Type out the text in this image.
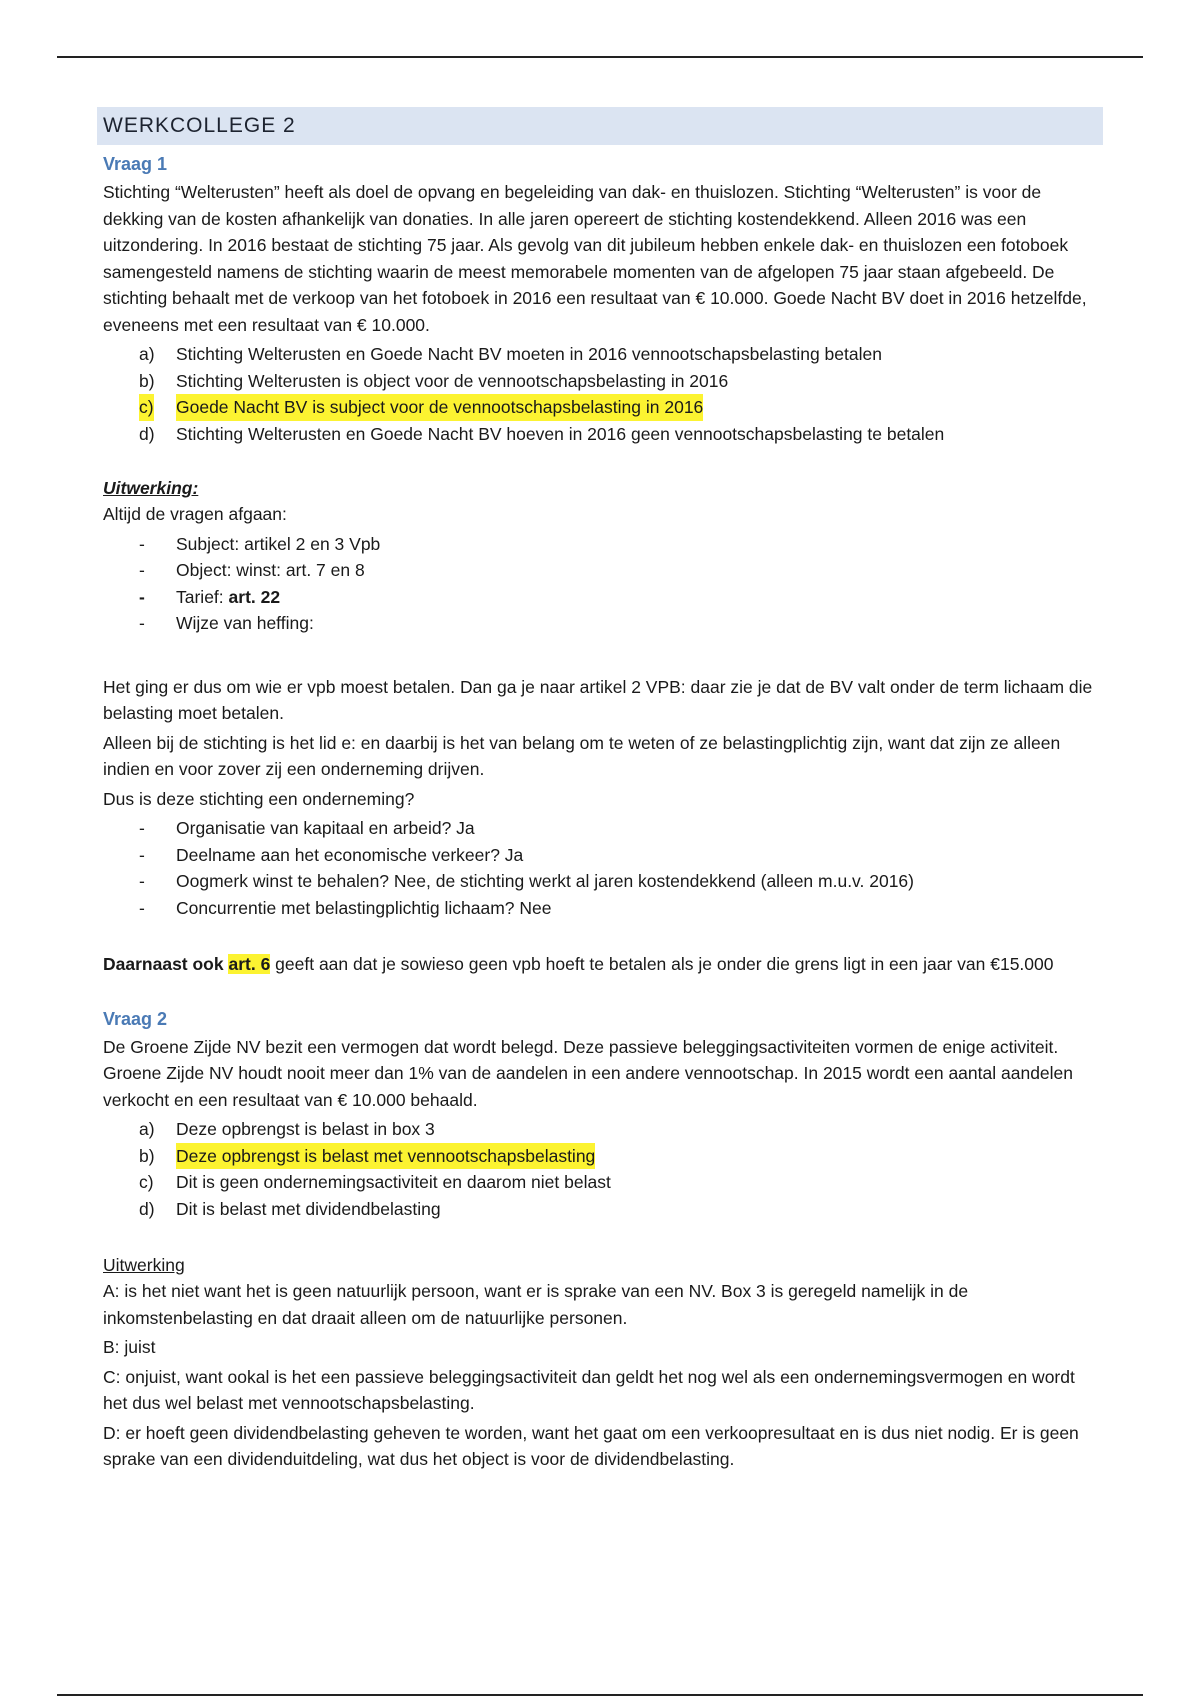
WERKCOLLEGE 2
Vraag 1

Stichting “Welterusten” heeft als doel de opvang en begeleiding van dak- en thuislozen. Stichting “Welterusten” is voor de dekking van de kosten afhankelijk van donaties. In alle jaren opereert de stichting kostendekkend. Alleen 2016 was een uitzondering. In 2016 bestaat de stichting 75 jaar. Als gevolg van dit jubileum hebben enkele dak- en thuislozen een fotoboek samengesteld namens de stichting waarin de meest memorabele momenten van de afgelopen 75 jaar staan afgebeeld. De stichting behaalt met de verkoop van het fotoboek in 2016 een resultaat van € 10.000. Goede Nacht BV doet in 2016 hetzelfde, eveneens met een resultaat van € 10.000.

a)	Stichting Welterusten en Goede Nacht BV moeten in 2016 vennootschapsbelasting betalen
b)	Stichting Welterusten is object voor de vennootschapsbelasting in 2016
c)	Goede Nacht BV is subject voor de vennootschapsbelasting in 2016
d)	Stichting Welterusten en Goede Nacht BV hoeven in 2016 geen vennootschapsbelasting te betalen
Uitwerking:

Altijd de vragen afgaan:

-	Subject: artikel 2 en 3 Vpb
-	Object: winst: art. 7 en 8
-	Tarief: art. 22
-	Wijze van heffing:

Het ging er dus om wie er vpb moest betalen. Dan ga je naar artikel 2 VPB: daar zie je dat de BV valt onder de term lichaam die belasting moet betalen.

Alleen bij de stichting is het lid e: en daarbij is het van belang om te weten of ze belastingplichtig zijn, want dat zijn ze alleen indien en voor zover zij een onderneming drijven.

Dus is deze stichting een onderneming?

-	Organisatie van kapitaal en arbeid? Ja
-	Deelname aan het economische verkeer? Ja
-	Oogmerk winst te behalen? Nee, de stichting werkt al jaren kostendekkend (alleen m.u.v. 2016)
-	Concurrentie met belastingplichtig lichaam? Nee

Daarnaast ook art. 6 geeft aan dat je sowieso geen vpb hoeft te betalen als je onder die grens ligt in een jaar van €15.000

Vraag 2

De Groene Zijde NV bezit een vermogen dat wordt belegd. Deze passieve beleggingsactiviteiten vormen de enige activiteit. Groene Zijde NV houdt nooit meer dan 1% van de aandelen in een andere vennootschap. In 2015 wordt een aantal aandelen verkocht en een resultaat van € 10.000 behaald.

a)	Deze opbrengst is belast in box 3
b)	Deze opbrengst is belast met vennootschapsbelasting
c)	Dit is geen ondernemingsactiviteit en daarom niet belast
d)	Dit is belast met dividendbelasting
Uitwerking

A: is het niet want het is geen natuurlijk persoon, want er is sprake van een NV. Box 3 is geregeld namelijk in de inkomstenbelasting en dat draait alleen om de natuurlijke personen.

B: juist

C: onjuist, want ookal is het een passieve beleggingsactiviteit dan geldt het nog wel als een ondernemingsvermogen en wordt het dus wel belast met vennootschapsbelasting.

D: er hoeft geen dividendbelasting geheven te worden, want het gaat om een verkoopresultaat en is dus niet nodig. Er is geen sprake van een dividenduitdeling, wat dus het object is voor de dividendbelasting.
